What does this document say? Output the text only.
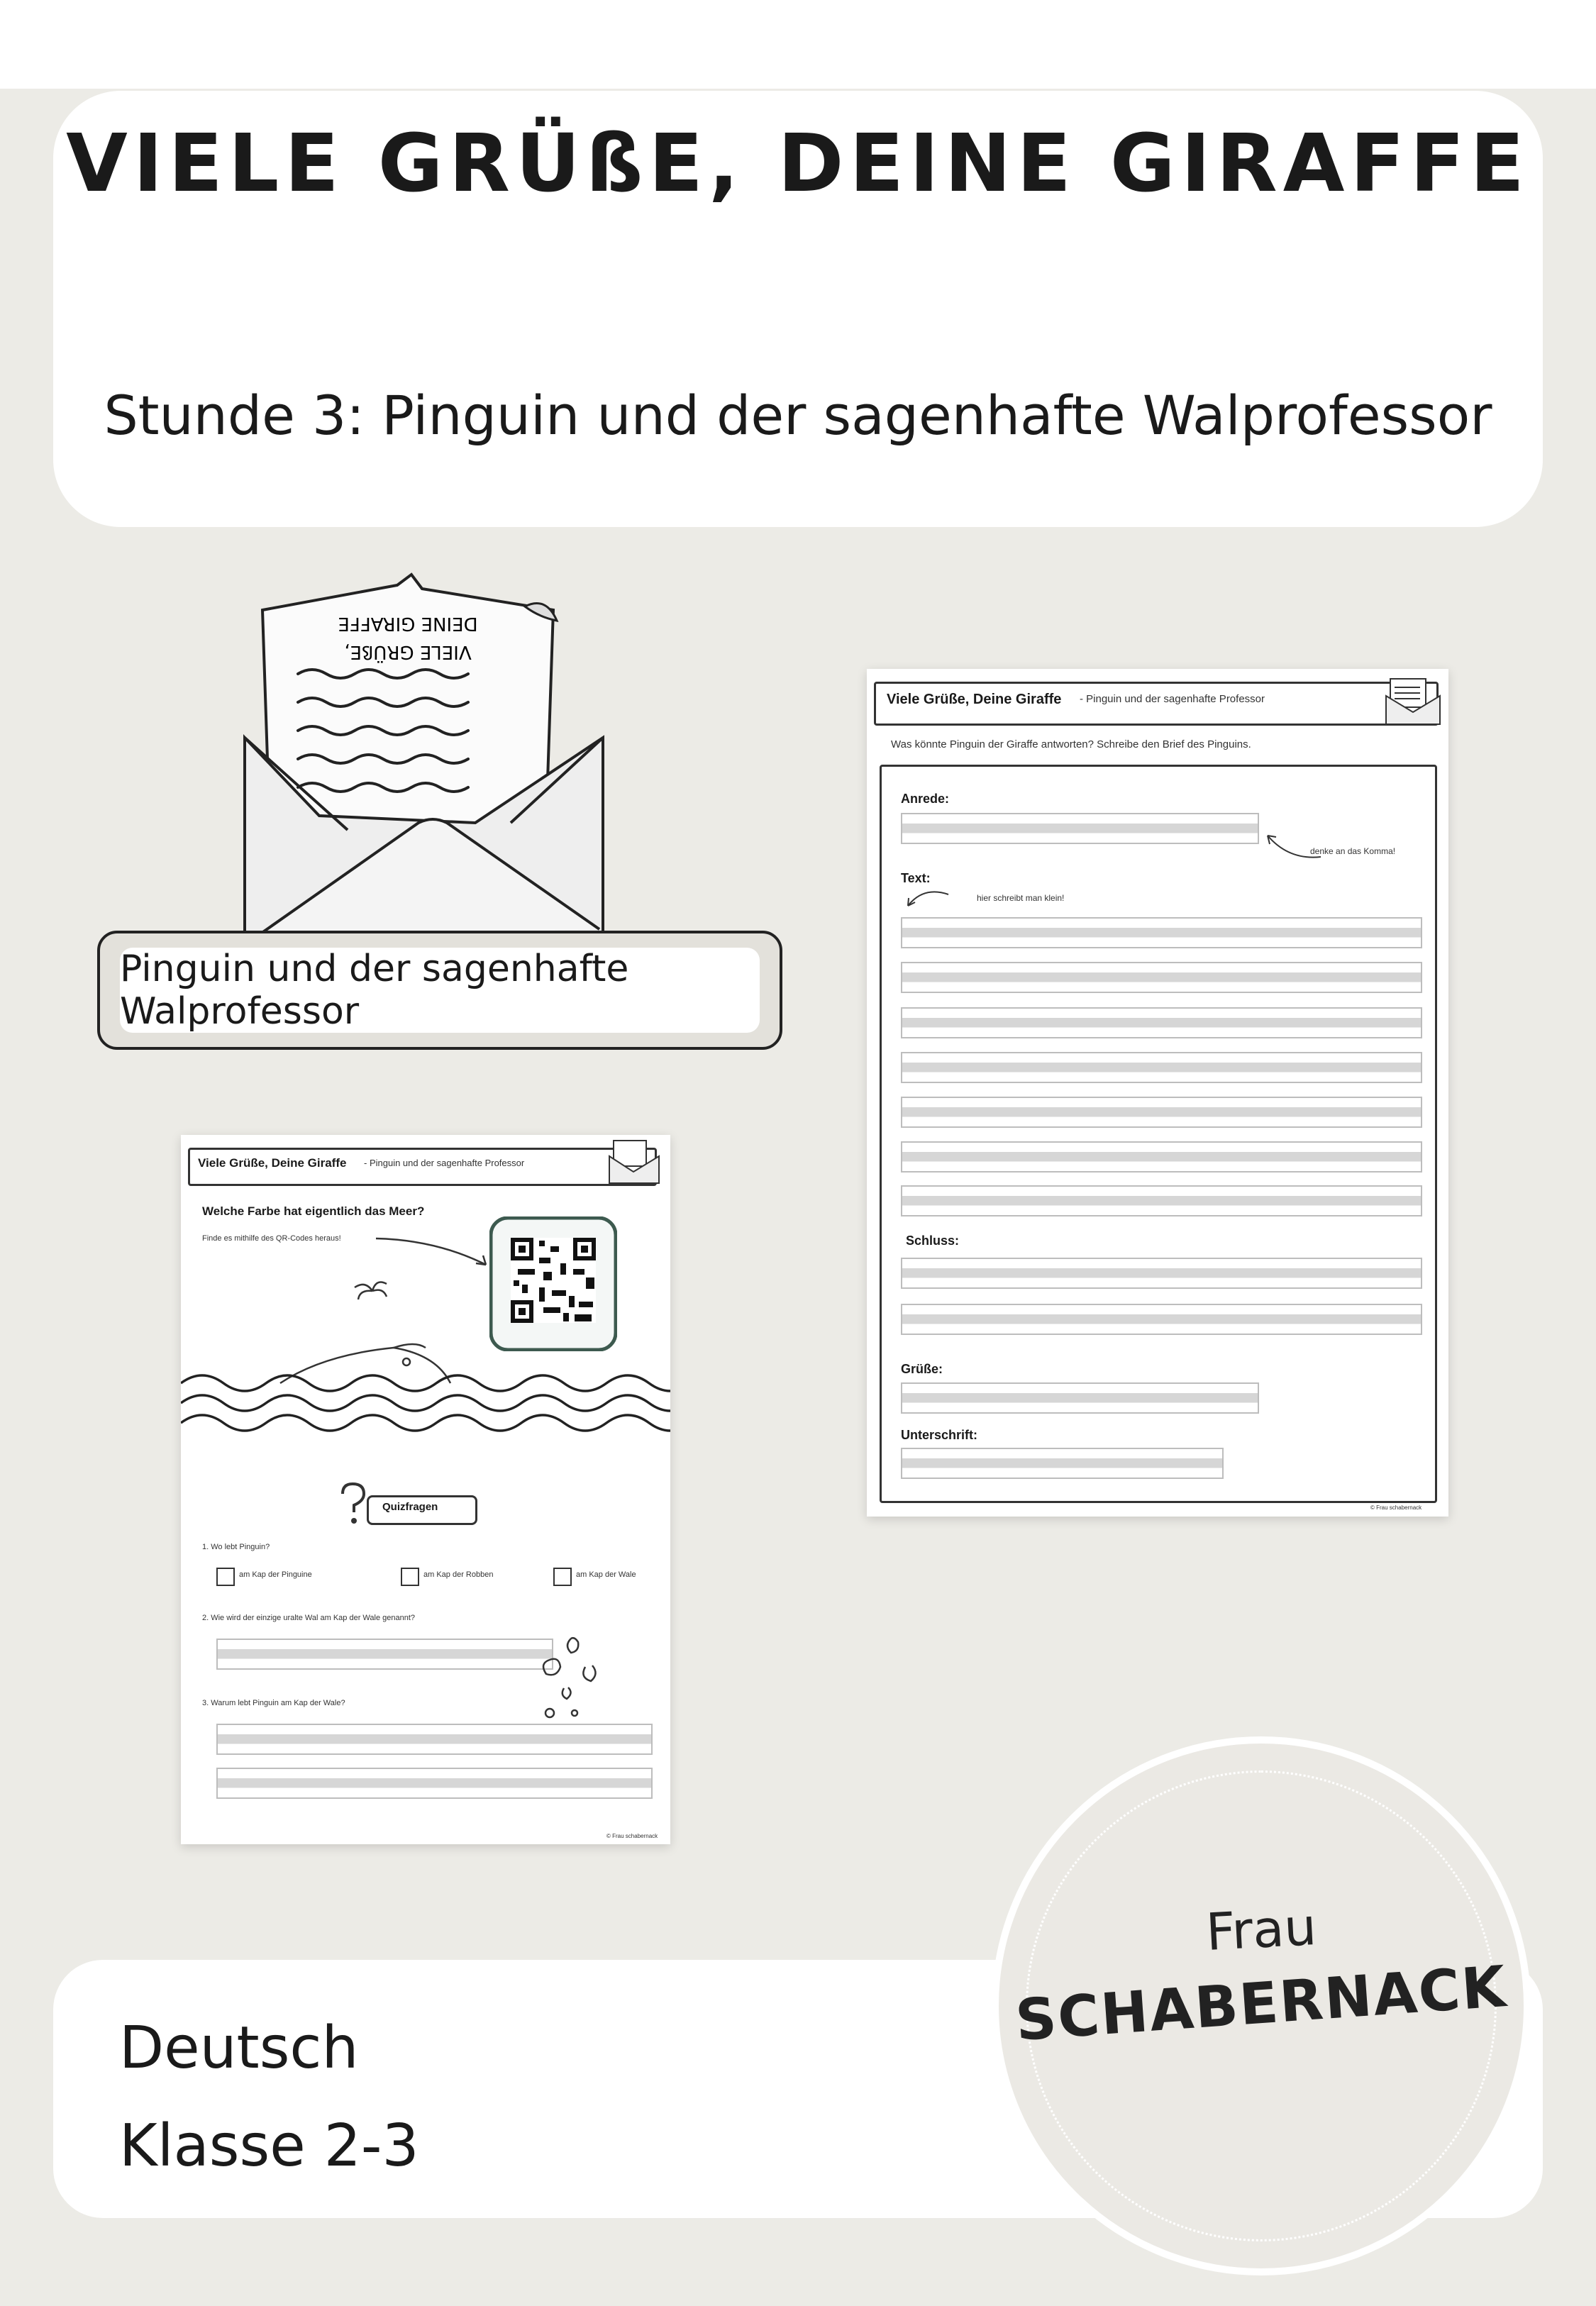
VIELE GRÜßE, DEINE GIRAFFE
Stunde 3: Pinguin und der sagenhafte Walprofessor
DEINE GIRAFFE
VIELE GRÜßE,
Pinguin und der sagenhafte Walprofessor
Viele Grüße, Deine Giraffe - Pinguin und der sagenhafte Professor
Was könnte Pinguin der Giraffe antworten? Schreibe den Brief des Pinguins.
Anrede:
denke an das Komma!
Text:
hier schreibt man klein!
Schluss:
Grüße:
Unterschrift:
© Frau schabernack
Viele Grüße, Deine Giraffe - Pinguin und der sagenhafte Professor
Welche Farbe hat eigentlich das Meer?
Finde es mithilfe des QR-Codes heraus!
Quizfragen
1. Wo lebt Pinguin?
am Kap der Pinguine	am Kap der Robben	am Kap der Wale
2. Wie wird der einzige uralte Wal am Kap der Wale genannt?
3. Warum lebt Pinguin am Kap der Wale?
© Frau schabernack
Deutsch
Klasse 2-3
Frau
SCHABERNACK
